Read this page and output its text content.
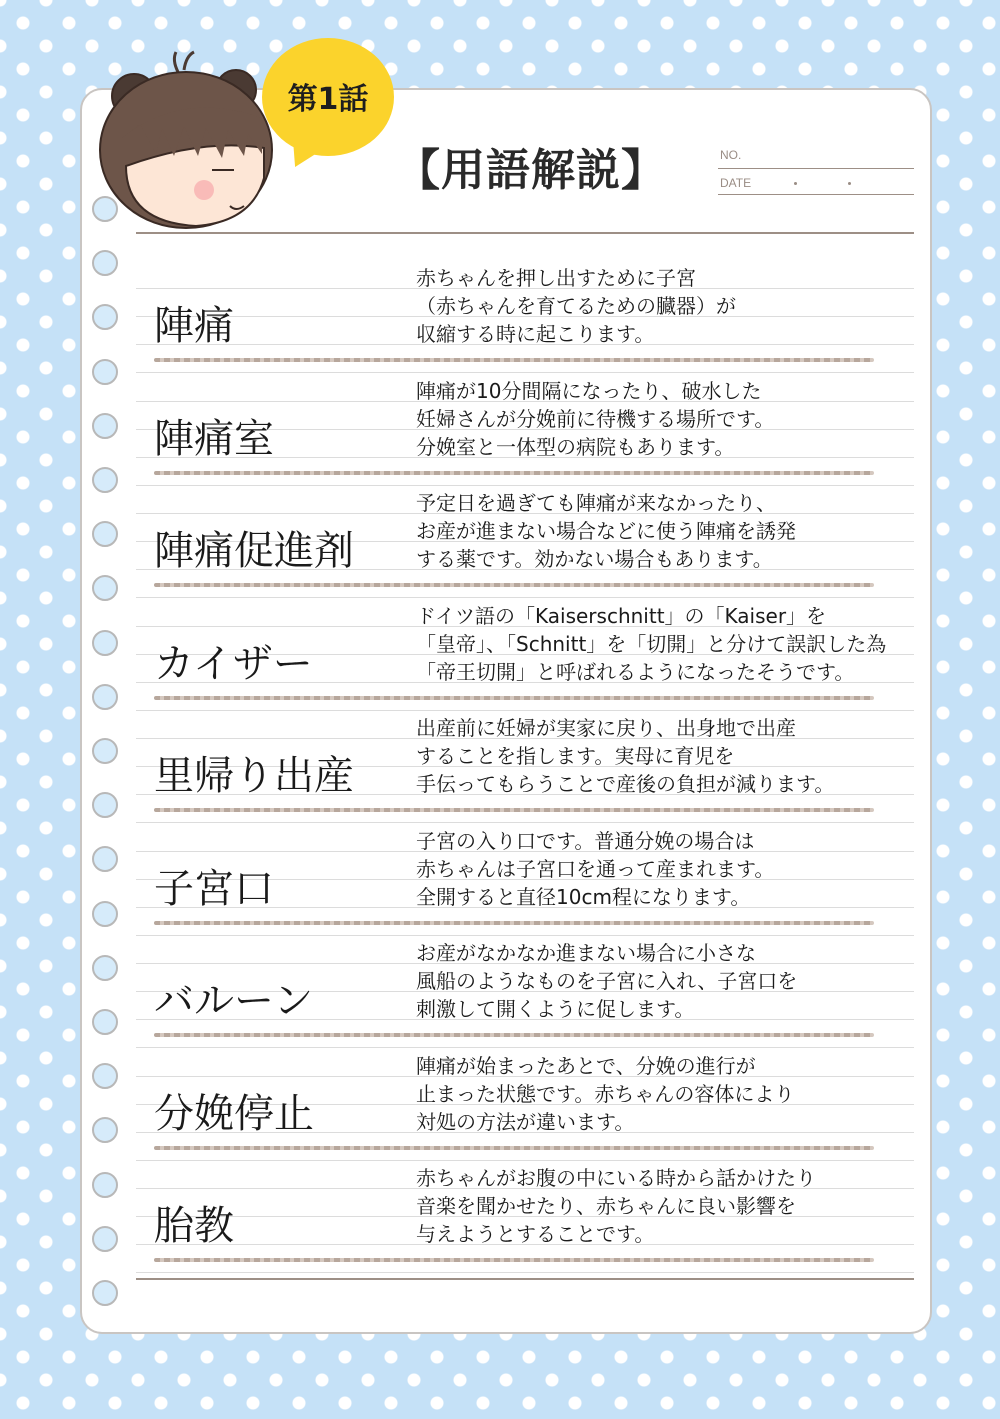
第1話
【用語解説】	NO.
DATE
陣痛

赤ちゃんを押し出すために子宮
（赤ちゃんを育てるための臓器）が
収縮する時に起こります。

陣痛室

陣痛が10分間隔になったり、破水した
妊婦さんが分娩前に待機する場所です。
分娩室と一体型の病院もあります。

陣痛促進剤

予定日を過ぎても陣痛が来なかったり、
お産が進まない場合などに使う陣痛を誘発
する薬です。効かない場合もあります。

カイザー

ドイツ語の「Kaiserschnitt」の「Kaiser」を
「皇帝」、「Schnitt」を「切開」と分けて誤訳した為
「帝王切開」と呼ばれるようになったそうです。

里帰り出産

出産前に妊婦が実家に戻り、出身地で出産
することを指します。実母に育児を
手伝ってもらうことで産後の負担が減ります。

子宮口

子宮の入り口です。普通分娩の場合は
赤ちゃんは子宮口を通って産まれます。
全開すると直径10cm程になります。

バルーン

お産がなかなか進まない場合に小さな
風船のようなものを子宮に入れ、子宮口を
刺激して開くように促します。

分娩停止

陣痛が始まったあとで、分娩の進行が
止まった状態です。赤ちゃんの容体により
対処の方法が違います。

胎教

赤ちゃんがお腹の中にいる時から話かけたり
音楽を聞かせたり、赤ちゃんに良い影響を
与えようとすることです。
